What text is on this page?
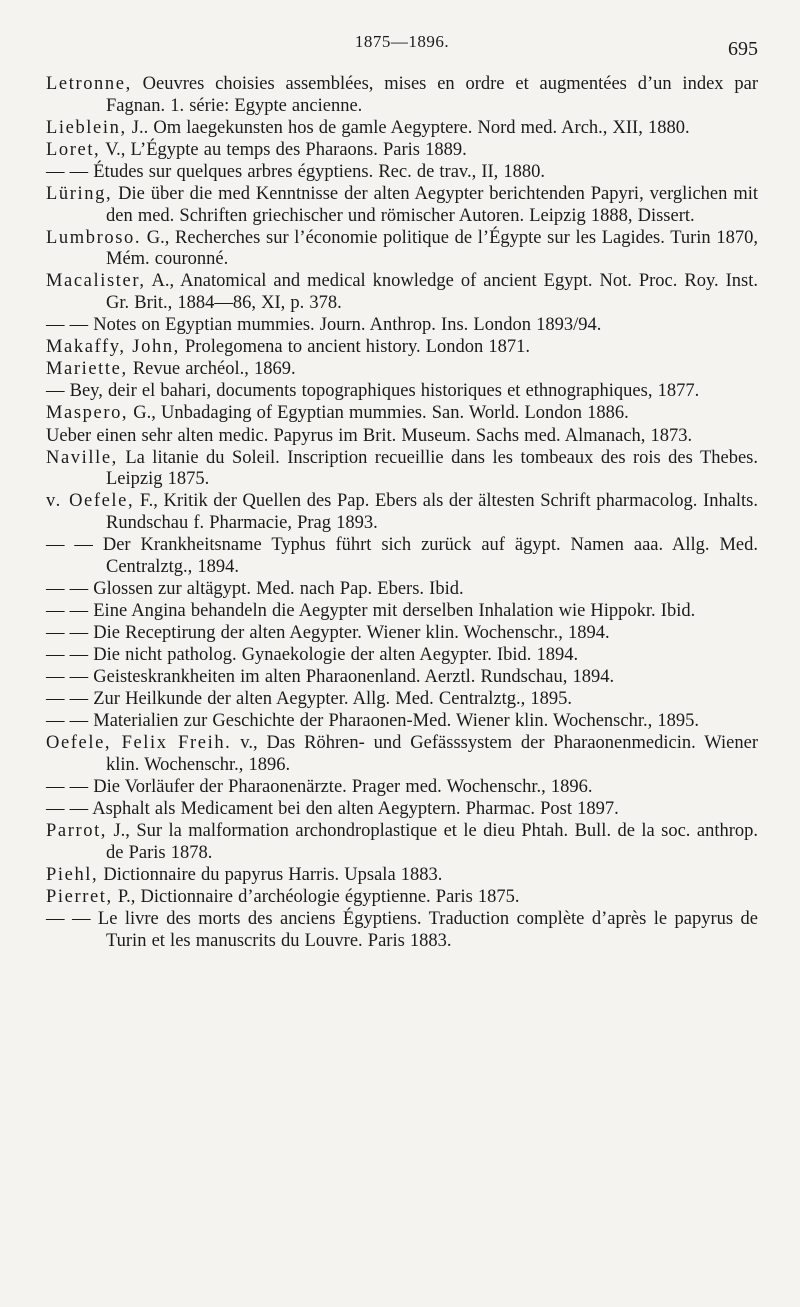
1875—1896.	695

Letronne, Oeuvres choisies assemblées, mises en ordre et augmentées d’un index par Fagnan. 1. série: Egypte ancienne.

Lieblein, J.. Om laegekunsten hos de gamle Aegyptere. Nord med. Arch., XII, 1880.

Loret, V., L’Égypte au temps des Pharaons. Paris 1889.

— — Études sur quelques arbres égyptiens. Rec. de trav., II, 1880.

Lüring, Die über die med Kenntnisse der alten Aegypter berichtenden Papyri, verglichen mit den med. Schriften griechischer und römischer Autoren. Leipzig 1888, Dissert.

Lumbroso. G., Recherches sur l’économie politique de l’Égypte sur les Lagides. Turin 1870, Mém. couronné.

Macalister, A., Anatomical and medical knowledge of ancient Egypt. Not. Proc. Roy. Inst. Gr. Brit., 1884—86, XI, p. 378.

— — Notes on Egyptian mummies. Journ. Anthrop. Ins. London 1893/94.

Makaffy, John, Prolegomena to ancient history. London 1871.

Mariette, Revue archéol., 1869.

— Bey, deir el bahari, documents topographiques historiques et ethnographiques, 1877.

Maspero, G., Unbadaging of Egyptian mummies. San. World. London 1886.

Ueber einen sehr alten medic. Papyrus im Brit. Museum. Sachs med. Almanach, 1873.

Naville, La litanie du Soleil. Inscription recueillie dans les tombeaux des rois des Thebes. Leipzig 1875.

v. Oefele, F., Kritik der Quellen des Pap. Ebers als der ältesten Schrift pharmacolog. Inhalts. Rundschau f. Pharmacie, Prag 1893.

— — Der Krankheitsname Typhus führt sich zurück auf ägypt. Namen aaa. Allg. Med. Centralztg., 1894.

— — Glossen zur altägypt. Med. nach Pap. Ebers. Ibid.

— — Eine Angina behandeln die Aegypter mit derselben Inhalation wie Hippokr. Ibid.

— — Die Receptirung der alten Aegypter. Wiener klin. Wochenschr., 1894.

— — Die nicht patholog. Gynaekologie der alten Aegypter. Ibid. 1894.

— — Geisteskrankheiten im alten Pharaonenland. Aerztl. Rundschau, 1894.

— — Zur Heilkunde der alten Aegypter. Allg. Med. Centralztg., 1895.

— — Materialien zur Geschichte der Pharaonen-Med. Wiener klin. Wochenschr., 1895.

Oefele, Felix Freih. v., Das Röhren- und Gefässsystem der Pharaonenmedicin. Wiener klin. Wochenschr., 1896.

— — Die Vorläufer der Pharaonenärzte. Prager med. Wochenschr., 1896.

— — Asphalt als Medicament bei den alten Aegyptern. Pharmac. Post 1897.

Parrot, J., Sur la malformation archondroplastique et le dieu Phtah. Bull. de la soc. anthrop. de Paris 1878.

Piehl, Dictionnaire du papyrus Harris. Upsala 1883.

Pierret, P., Dictionnaire d’archéologie égyptienne. Paris 1875.

— — Le livre des morts des anciens Égyptiens. Traduction complète d’après le papyrus de Turin et les manuscrits du Louvre. Paris 1883.
